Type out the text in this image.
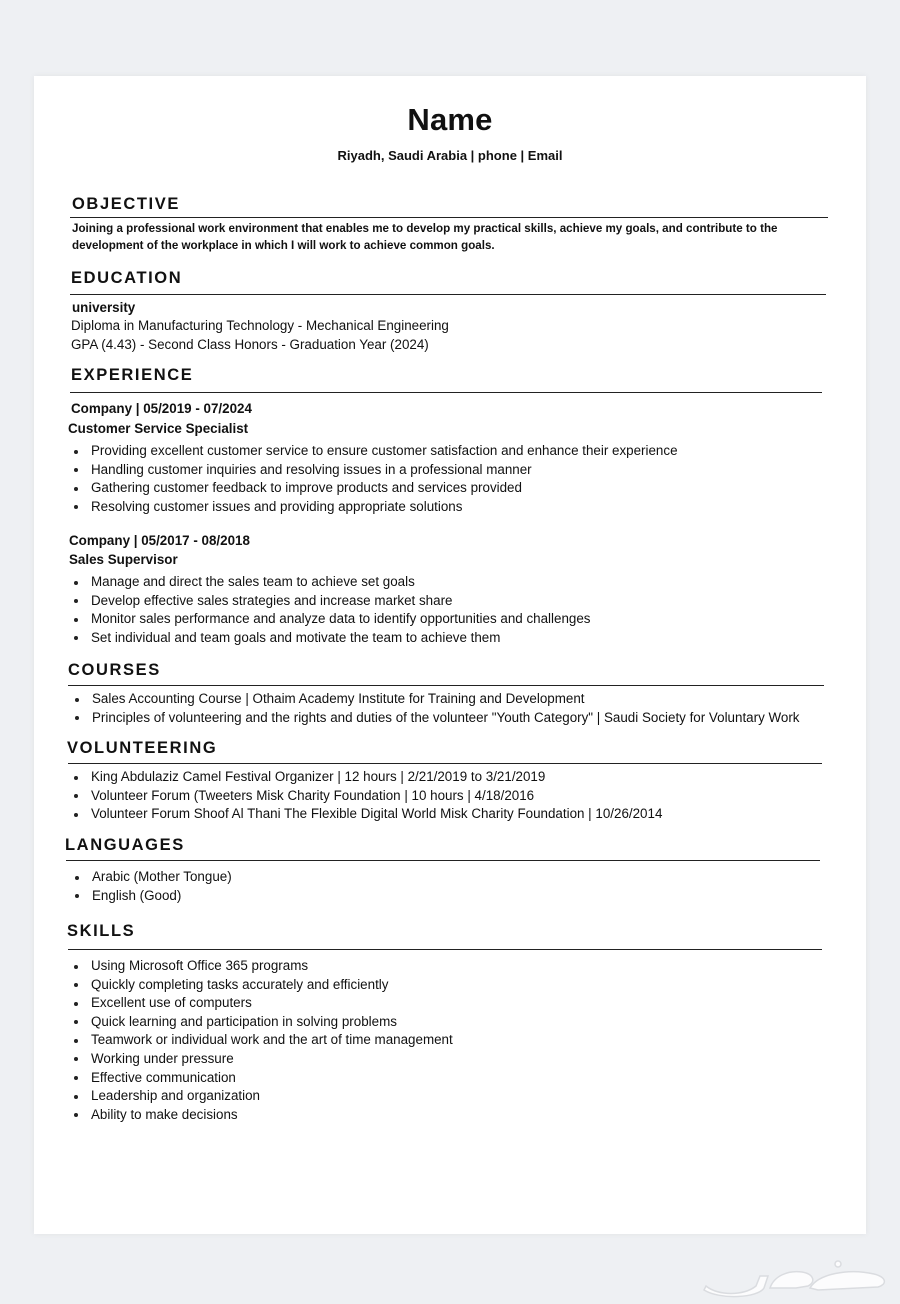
Name
Riyadh, Saudi Arabia | phone | Email
OBJECTIVE
Joining a professional work environment that enables me to develop my practical skills, achieve my goals, and contribute to the development of the workplace in which I will work to achieve common goals.
EDUCATION
university
Diploma in Manufacturing Technology - Mechanical Engineering
GPA (4.43) - Second Class Honors - Graduation Year (2024)
EXPERIENCE
Company | 05/2019 - 07/2024
Customer Service Specialist
Providing excellent customer service to ensure customer satisfaction and enhance their experience
Handling customer inquiries and resolving issues in a professional manner
Gathering customer feedback to improve products and services provided
Resolving customer issues and providing appropriate solutions
Company | 05/2017 - 08/2018
Sales Supervisor
Manage and direct the sales team to achieve set goals
Develop effective sales strategies and increase market share
Monitor sales performance and analyze data to identify opportunities and challenges
Set individual and team goals and motivate the team to achieve them
COURSES
Sales Accounting Course | Othaim Academy Institute for Training and Development
Principles of volunteering and the rights and duties of the volunteer "Youth Category" | Saudi Society for Voluntary Work
VOLUNTEERING
King Abdulaziz Camel Festival Organizer | 12 hours | 2/21/2019 to 3/21/2019
Volunteer Forum (Tweeters Misk Charity Foundation | 10 hours | 4/18/2016
Volunteer Forum Shoof Al Thani The Flexible Digital World Misk Charity Foundation | 10/26/2014
LANGUAGES
Arabic (Mother Tongue)
English (Good)
SKILLS
Using Microsoft Office 365 programs
Quickly completing tasks accurately and efficiently
Excellent use of computers
Quick learning and participation in solving problems
Teamwork or individual work and the art of time management
Working under pressure
Effective communication
Leadership and organization
Ability to make decisions
